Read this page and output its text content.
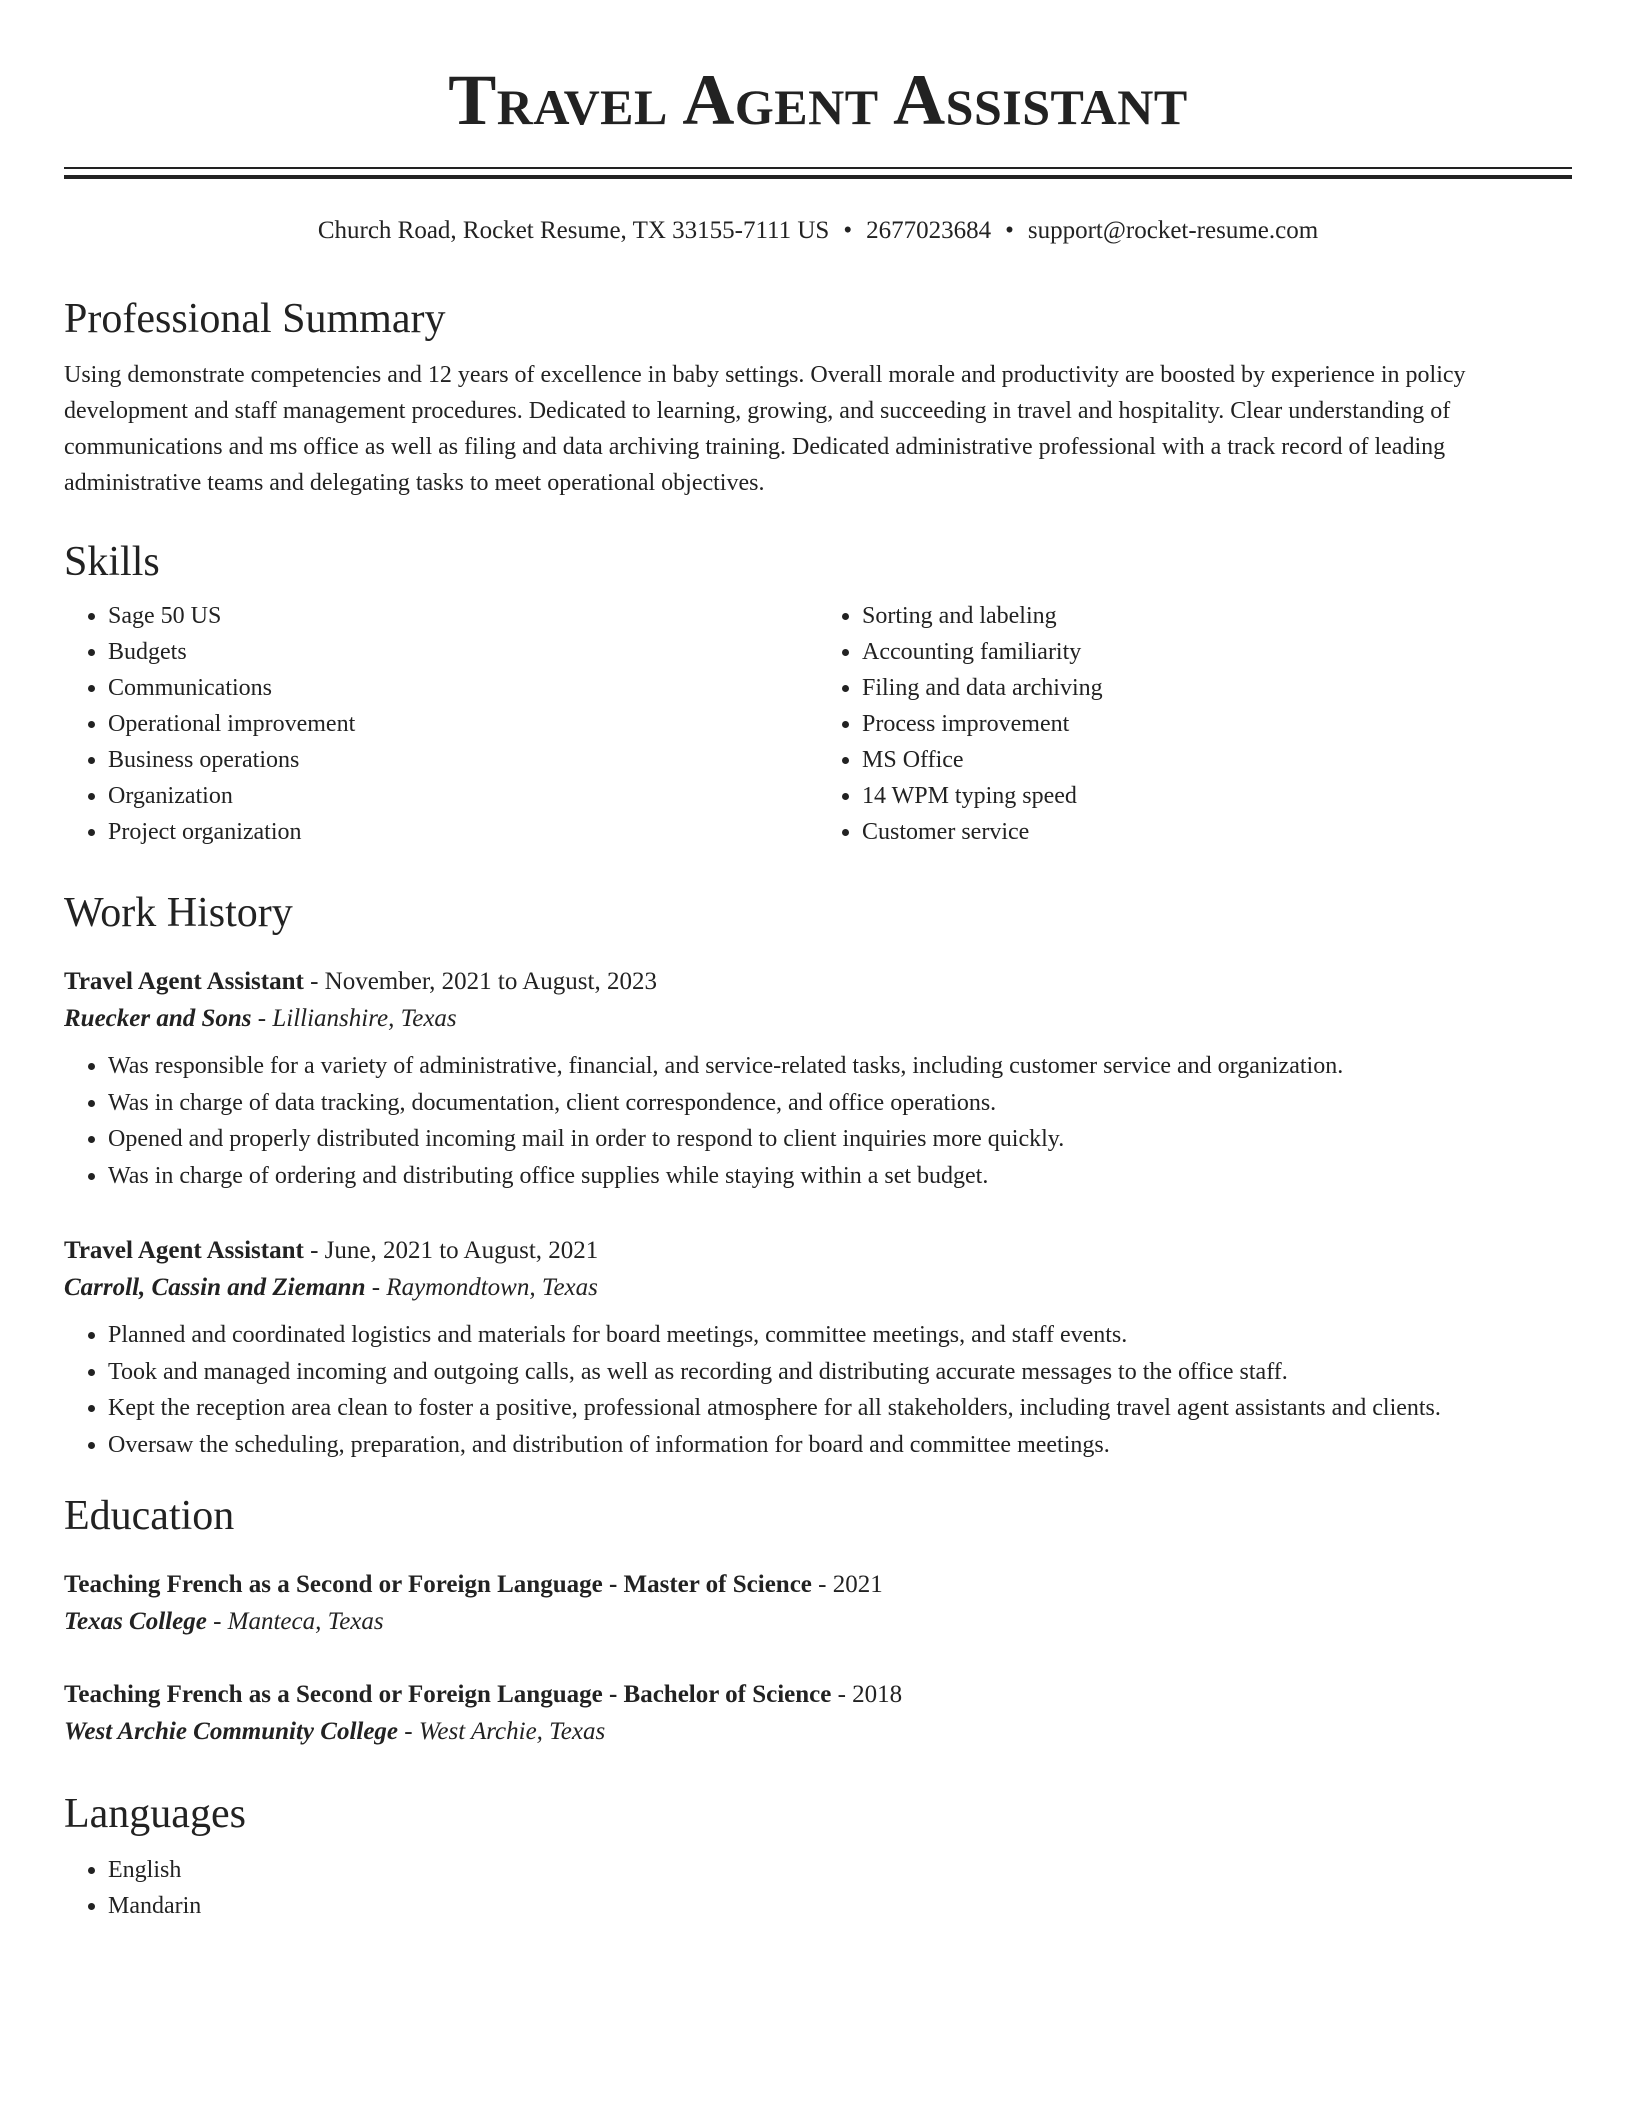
Travel Agent Assistant
Church Road, Rocket Resume, TX 33155-7111 US • 2677023684 • support@rocket-resume.com
Professional Summary

Using demonstrate competencies and 12 years of excellence in baby settings. Overall morale and productivity are boosted by experience in policy development and staff management procedures. Dedicated to learning, growing, and succeeding in travel and hospitality. Clear understanding of communications and ms office as well as filing and data archiving training. Dedicated administrative professional with a track record of leading administrative teams and delegating tasks to meet operational objectives.

Skills
• Sage 50 US
• Budgets
• Communications
• Operational improvement
• Business operations
• Organization
• Project organization
• Sorting and labeling
• Accounting familiarity
• Filing and data archiving
• Process improvement
• MS Office
• 14 WPM typing speed
• Customer service
Work History

Travel Agent Assistant - November, 2021 to August, 2023

Ruecker and Sons - Lillianshire, Texas

• Was responsible for a variety of administrative, financial, and service-related tasks, including customer service and organization.
• Was in charge of data tracking, documentation, client correspondence, and office operations.
• Opened and properly distributed incoming mail in order to respond to client inquiries more quickly.
• Was in charge of ordering and distributing office supplies while staying within a set budget.

Travel Agent Assistant - June, 2021 to August, 2021

Carroll, Cassin and Ziemann - Raymondtown, Texas

• Planned and coordinated logistics and materials for board meetings, committee meetings, and staff events.
• Took and managed incoming and outgoing calls, as well as recording and distributing accurate messages to the office staff.
• Kept the reception area clean to foster a positive, professional atmosphere for all stakeholders, including travel agent assistants and clients.
• Oversaw the scheduling, preparation, and distribution of information for board and committee meetings.
Education

Teaching French as a Second or Foreign Language - Master of Science - 2021

Texas College - Manteca, Texas

Teaching French as a Second or Foreign Language - Bachelor of Science - 2018

West Archie Community College - West Archie, Texas

Languages
• English
• Mandarin
